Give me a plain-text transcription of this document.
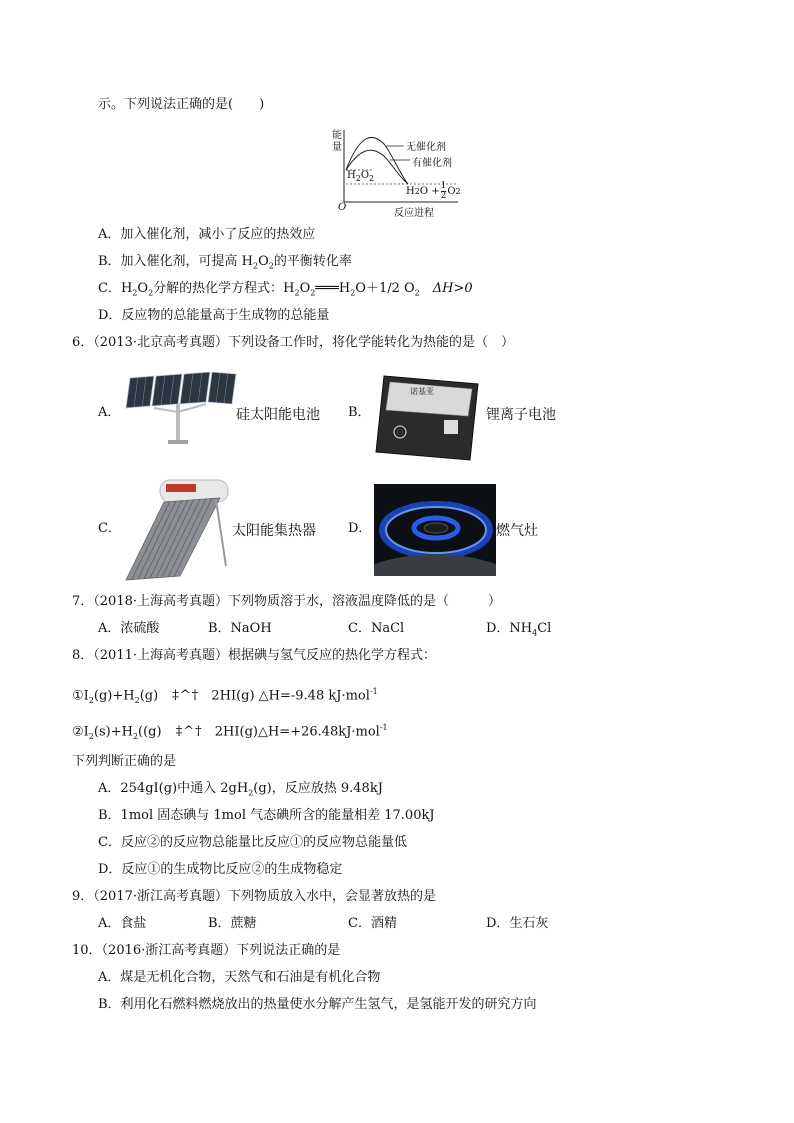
示。下列说法正确的是(　　)
能
量
O
反应进程
无催化剂
有催化剂
$H_2O_2$
H 2 $O + \frac{1}{2}$ O 2
A．加入催化剂，减小了反应的热效应
B．加入催化剂，可提高 $H_2O_2$的平衡转化率
C．$H_2O_2$分解的热化学方程式：$H_2O_2═══H_2O+1/2$ $O_2$　ΔH>0
D．反应物的总能量高于生成物的总能量
6．（2013·北京高考真题）下列设备工作时，将化学能转化为热能的是（　）
A．	硅太阳能电池 B．
诺基亚
锂离子电池
C．	太阳能集热器 D．	燃气灶
7．（2018·上海高考真题）下列物质溶于水，溶液温度降低的是（　　　）
A．浓硫酸	B．NaOH	C．NaCl	D．$NH_4Cl$
8．（2011·上海高考真题）根据碘与氢气反应的热化学方程式：
$①I_2(g)+H_2(g)$ ‡^† 2HI(g) △H=-9.48 kJ·mol$^{-1}$
$②I_2(s)+H_2((g)$ ‡^† 2HI(g)△H=+26.48kJ·mol$^{-1}$
下列判断正确的是
A．254gI(g)中通入 $2gH_2(g)$，反应放热 9.48kJ
B．1mol 固态碘与 1mol 气态碘所含的能量相差 17.00kJ
C．反应②的反应物总能量比反应①的反应物总能量低
D．反应①的生成物比反应②的生成物稳定
9．（2017·浙江高考真题）下列物质放入水中，会显著放热的是
A．食盐	B．蔗糖	C．酒精	D．生石灰
10．（2016·浙江高考真题）下列说法正确的是
A．煤是无机化合物，天然气和石油是有机化合物
B．利用化石燃料燃烧放出的热量使水分解产生氢气，是氢能开发的研究方向
